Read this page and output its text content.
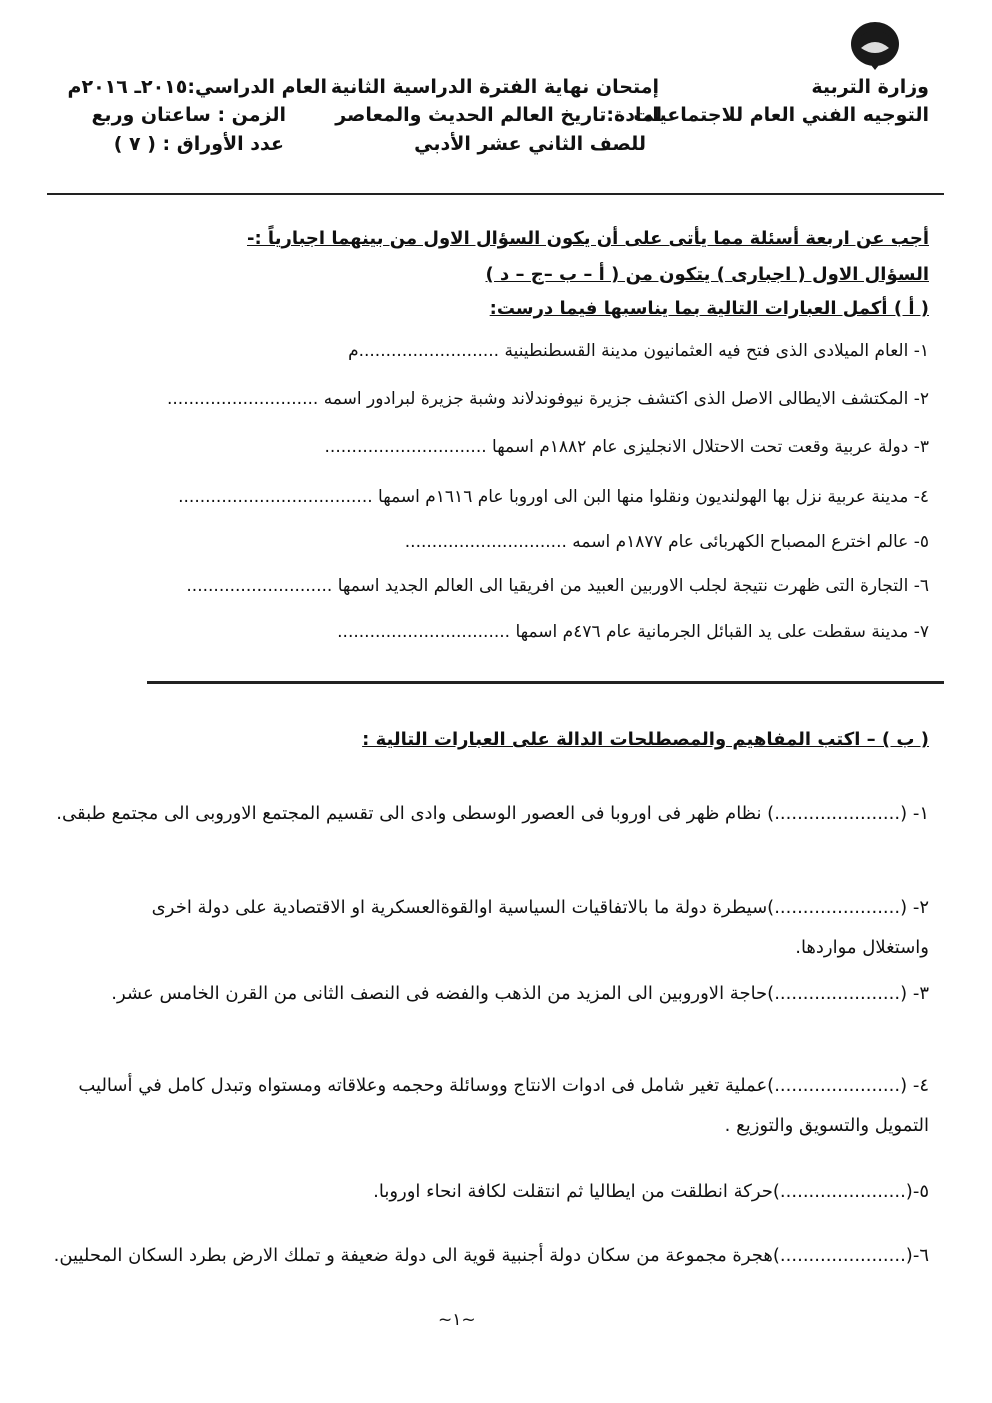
وزارة التربية
التوجيه الفني العام للاجتماعيات
إمتحان نهاية الفترة الدراسية الثانية
لمادة:تاريخ العالم الحديث والمعاصر
للصف الثاني عشر الأدبي
العام الدراسي:٢٠١٥ـ ٢٠١٦م
الزمن : ساعتان وربع
عدد الأوراق : ( ٧ )
أجب عن اربعة أسئلة مما يأتى على أن يكون السؤال الاول من بينهما اجبارياً :-
السؤال الاول ( اجبارى ) يتكون من ( أ – ب –ج – د )
( أ ) أكمل العبارات التالية بما يناسبها فيما درست:
١- العام الميلادى الذى فتح فيه العثمانيون مدينة القسطنطينية ..........................م
٢- المكتشف الايطالى الاصل الذى اكتشف جزيرة نيوفوندلاند وشبة جزيرة لبرادور اسمه ............................
٣- دولة عربية وقعت تحت الاحتلال الانجليزى عام ١٨٨٢م اسمها ..............................
٤- مدينة عربية نزل بها الهولنديون ونقلوا منها البن الى اوروبا عام ١٦١٦م اسمها ....................................
٥- عالم اخترع المصباح الكهربائى عام ١٨٧٧م اسمه ..............................
٦- التجارة التى ظهرت نتيجة لجلب الاوربين العبيد من افريقيا الى العالم الجديد اسمها ...........................
٧- مدينة سقطت على يد القبائل الجرمانية عام ٤٧٦م اسمها ................................
( ب ) – اكتب المفاهيم والمصطلحات الدالة على العبارات التالية :
١- (......................) نظام ظهر فى اوروبا فى العصور الوسطى وادى الى تقسيم المجتمع الاوروبى الى مجتمع طبقى.
٢- (......................)سيطرة دولة ما بالاتفاقيات السياسية اوالقوةالعسكرية او الاقتصادية على دولة اخرى واستغلال مواردها.
٣- (......................)حاجة الاوروبين الى المزيد من الذهب والفضه فى النصف الثانى من القرن الخامس عشر.
٤- (......................)عملية تغير شامل فى ادوات الانتاج ووسائلة وحجمه وعلاقاته ومستواه وتبدل كامل في أساليب التمويل والتسويق والتوزيع .
٥-(......................)حركة انطلقت من ايطاليا ثم انتقلت لكافة انحاء اوروبا.
٦-(......................)هجرة مجموعة من سكان دولة أجنبية قوية الى دولة ضعيفة و تملك الارض بطرد السكان المحليين.
~١~
